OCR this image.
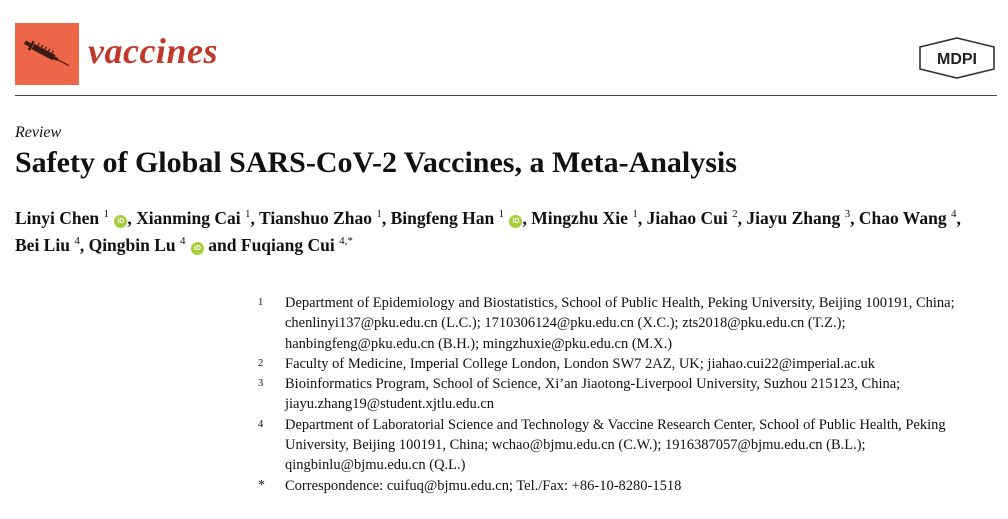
vaccines	MDPI
Review
Safety of Global SARS-CoV-2 Vaccines, a Meta-Analysis
Linyi Chen $^1$ iD , Xianming Cai $^1$, Tianshuo Zhao $^1$, Bingfeng Han $^1$ iD , Mingzhu Xie $^1$, Jiahao Cui $^2$, Jiayu Zhang $^3$, Chao Wang $^4$, Bei Liu $^4$, Qingbin Lu $^4$ iD and Fuqiang Cui $^{4,*}$
1	Department of Epidemiology and Biostatistics, School of Public Health, Peking University, Beijing 100191, China; chenlinyi137@pku.edu.cn (L.C.); 1710306124@pku.edu.cn (X.C.); zts2018@pku.edu.cn (T.Z.); hanbingfeng@pku.edu.cn (B.H.); mingzhuxie@pku.edu.cn (M.X.)
2	Faculty of Medicine, Imperial College London, London SW7 2AZ, UK; jiahao.cui22@imperial.ac.uk
3	Bioinformatics Program, School of Science, Xi’an Jiaotong-Liverpool University, Suzhou 215123, China; jiayu.zhang19@student.xjtlu.edu.cn
4	Department of Laboratorial Science and Technology & Vaccine Research Center, School of Public Health, Peking University, Beijing 100191, China; wchao@bjmu.edu.cn (C.W.); 1916387057@bjmu.edu.cn (B.L.); qingbinlu@bjmu.edu.cn (Q.L.)
*	Correspondence: cuifuq@bjmu.edu.cn; Tel./Fax: +86-10-8280-1518
